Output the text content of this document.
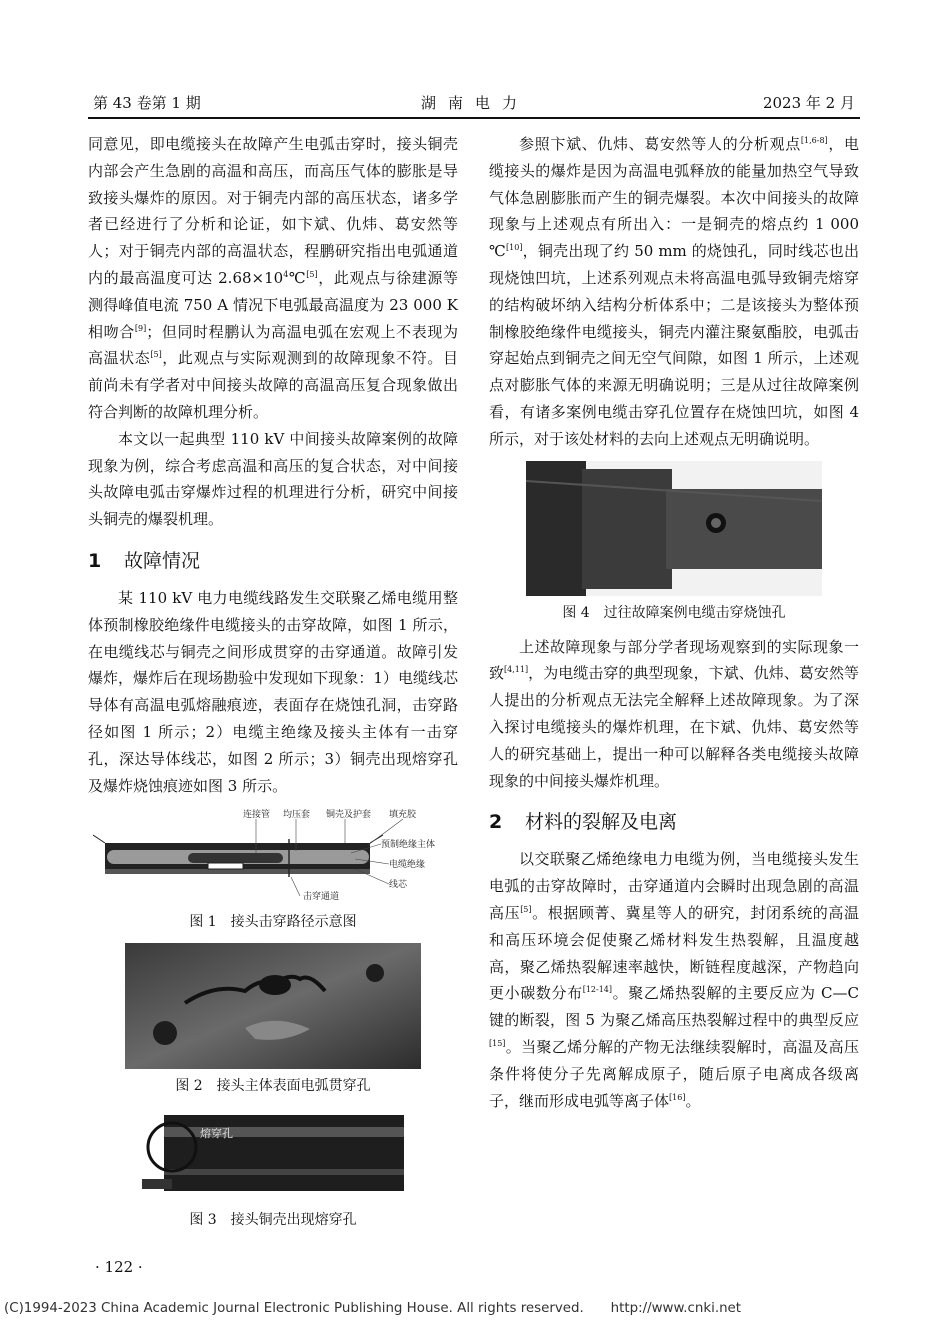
第 43 卷第 1 期	湖南电力	2023 年 2 月

同意见，即电缆接头在故障产生电弧击穿时，接头铜壳内部会产生急剧的高温和高压，而高压气体的膨胀是导致接头爆炸的原因。对于铜壳内部的高压状态，诸多学者已经进行了分析和论证，如卞斌、仇炜、葛安然等人；对于铜壳内部的高温状态，程鹏研究指出电弧通道内的最高温度可达 $2.68\times 10^4℃[5]$，此观点与徐建源等测得峰值电流 750 A 情况下电弧最高温度为 23 000 K 相吻合[9]；但同时程鹏认为高温电弧在宏观上不表现为高温状态[5]，此观点与实际观测到的故障现象不符。目前尚未有学者对中间接头故障的高温高压复合现象做出符合判断的故障机理分析。

本文以一起典型 110 kV 中间接头故障案例的故障现象为例，综合考虑高温和高压的复合状态，对中间接头故障电弧击穿爆炸过程的机理进行分析，研究中间接头铜壳的爆裂机理。

1	故障情况

某 110 kV 电力电缆线路发生交联聚乙烯电缆用整体预制橡胶绝缘件电缆接头的击穿故障，如图 1 所示，在电缆线芯与铜壳之间形成贯穿的击穿通道。故障引发爆炸，爆炸后在现场勘验中发现如下现象：1）电缆线芯导体有高温电弧熔融痕迹，表面存在烧蚀孔洞，击穿路径如图 1 所示；2）电缆主绝缘及接头主体有一击穿孔，深达导体线芯，如图 2 所示；3）铜壳出现熔穿孔及爆炸烧蚀痕迹如图 3 所示。

连接管 均压套 铜壳及护套 填充胶
预制绝缘主体
电缆绝缘
线芯
击穿通道
图 1　接头击穿路径示意图
图 2　接头主体表面电弧贯穿孔
熔穿孔
图 3　接头铜壳出现熔穿孔

参照卞斌、仇炜、葛安然等人的分析观点[1,6-8]，电缆接头的爆炸是因为高温电弧释放的能量加热空气导致气体急剧膨胀而产生的铜壳爆裂。本次中间接头的故障现象与上述观点有所出入：一是铜壳的熔点约 1 000 ℃[10]，铜壳出现了约 50 mm 的烧蚀孔，同时线芯也出现烧蚀凹坑，上述系列观点未将高温电弧导致铜壳熔穿的结构破坏纳入结构分析体系中；二是该接头为整体预制橡胶绝缘件电缆接头，铜壳内灌注聚氨酯胶，电弧击穿起始点到铜壳之间无空气间隙，如图 1 所示，上述观点对膨胀气体的来源无明确说明；三是从过往故障案例看，有诸多案例电缆击穿孔位置存在烧蚀凹坑，如图 4 所示，对于该处材料的去向上述观点无明确说明。

图 4　过往故障案例电缆击穿烧蚀孔

上述故障现象与部分学者现场观察到的实际现象一致[4,11]，为电缆击穿的典型现象，卞斌、仇炜、葛安然等人提出的分析观点无法完全解释上述故障现象。为了深入探讨电缆接头的爆炸机理，在卞斌、仇炜、葛安然等人的研究基础上，提出一种可以解释各类电缆接头故障现象的中间接头爆炸机理。

2	材料的裂解及电离

以交联聚乙烯绝缘电力电缆为例，当电缆接头发生电弧的击穿故障时，击穿通道内会瞬时出现急剧的高温高压[5]。根据顾菁、冀星等人的研究，封闭系统的高温和高压环境会促使聚乙烯材料发生热裂解，且温度越高，聚乙烯热裂解速率越快，断链程度越深，产物趋向更小碳数分布[12-14]。聚乙烯热裂解的主要反应为 C—C 键的断裂，图 5 为聚乙烯高压热裂解过程中的典型反应[15]。当聚乙烯分解的产物无法继续裂解时，高温及高压条件将使分子先离解成原子，随后原子电离成各级离子，继而形成电弧等离子体[16]。

· 122 ·
(C)1994-2023 China Academic Journal Electronic Publishing House. All rights reserved.　　http://www.cnki.net
